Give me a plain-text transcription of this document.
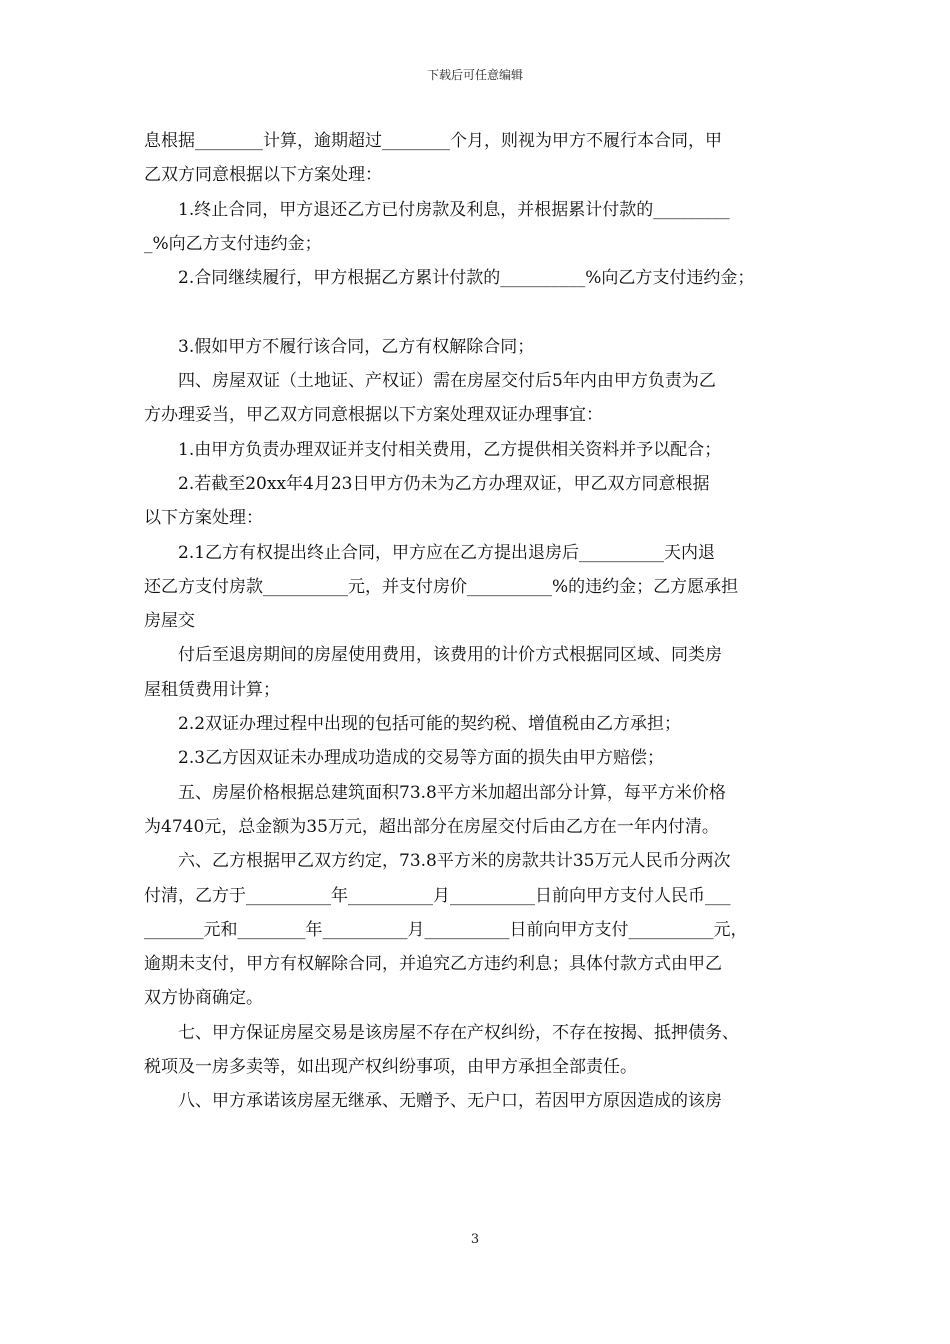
下载后可任意编辑
息根据________计算，逾期超过________个月，则视为甲方不履行本合同，甲
乙双方同意根据以下方案处理：
1.终止合同，甲方退还乙方已付房款及利息，并根据累计付款的_________
_%向乙方支付违约金；
2.合同继续履行，甲方根据乙方累计付款的__________%向乙方支付违约金；
3.假如甲方不履行该合同，乙方有权解除合同；
四、房屋双证（土地证、产权证）需在房屋交付后5年内由甲方负责为乙
方办理妥当，甲乙双方同意根据以下方案处理双证办理事宜：
1.由甲方负责办理双证并支付相关费用，乙方提供相关资料并予以配合；
2.若截至20xx年4月23日甲方仍未为乙方办理双证，甲乙双方同意根据
以下方案处理：
2.1乙方有权提出终止合同，甲方应在乙方提出退房后__________天内退
还乙方支付房款__________元，并支付房价__________%的违约金；乙方愿承担
房屋交
付后至退房期间的房屋使用费用，该费用的计价方式根据同区域、同类房
屋租赁费用计算；
2.2双证办理过程中出现的包括可能的契约税、增值税由乙方承担；
2.3乙方因双证未办理成功造成的交易等方面的损失由甲方赔偿；
五、房屋价格根据总建筑面积73.8平方米加超出部分计算，每平方米价格
为4740元，总金额为35万元，超出部分在房屋交付后由乙方在一年内付清。
六、乙方根据甲乙双方约定，73.8平方米的房款共计35万元人民币分两次
付清，乙方于__________年__________月__________日前向甲方支付人民币___
_______元和________年__________月__________日前向甲方支付__________元，
逾期未支付，甲方有权解除合同，并追究乙方违约利息；具体付款方式由甲乙
双方协商确定。
七、甲方保证房屋交易是该房屋不存在产权纠纷，不存在按揭、抵押债务、
税项及一房多卖等，如出现产权纠纷事项，由甲方承担全部责任。
八、甲方承诺该房屋无继承、无赠予、无户口，若因甲方原因造成的该房
3
